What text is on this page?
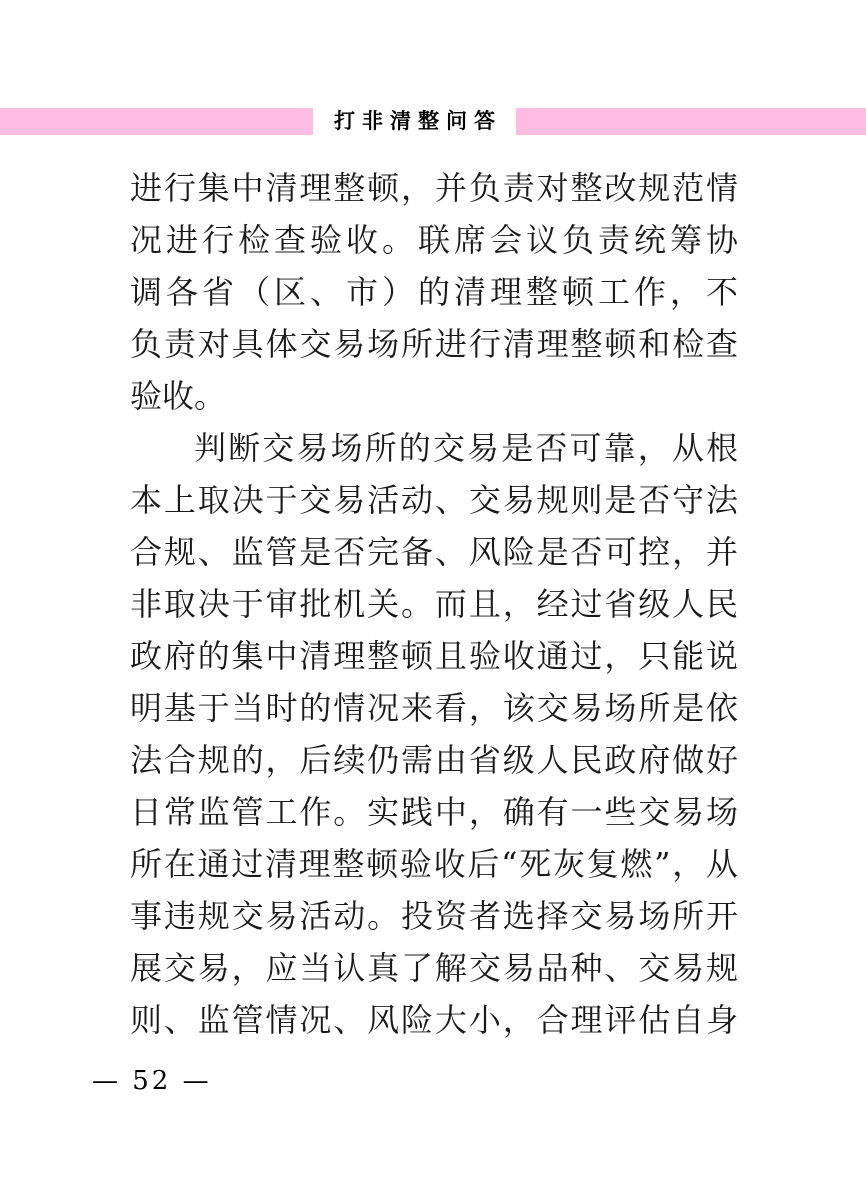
打非清整问答
进行集中清理整顿，并负责对整改规范情
况进行检查验收。联席会议负责统筹协
调各省（区、市）的清理整顿工作，不
负责对具体交易场所进行清理整顿和检查
验收。
判断交易场所的交易是否可靠，从根
本上取决于交易活动、交易规则是否守法
合规、监管是否完备、风险是否可控，并
非取决于审批机关。而且，经过省级人民
政府的集中清理整顿且验收通过，只能说
明基于当时的情况来看，该交易场所是依
法合规的，后续仍需由省级人民政府做好
日常监管工作。实践中，确有一些交易场
所在通过清理整顿验收后“死灰复燃”，从
事违规交易活动。投资者选择交易场所开
展交易，应当认真了解交易品种、交易规
则、监管情况、风险大小，合理评估自身
— 52 —
